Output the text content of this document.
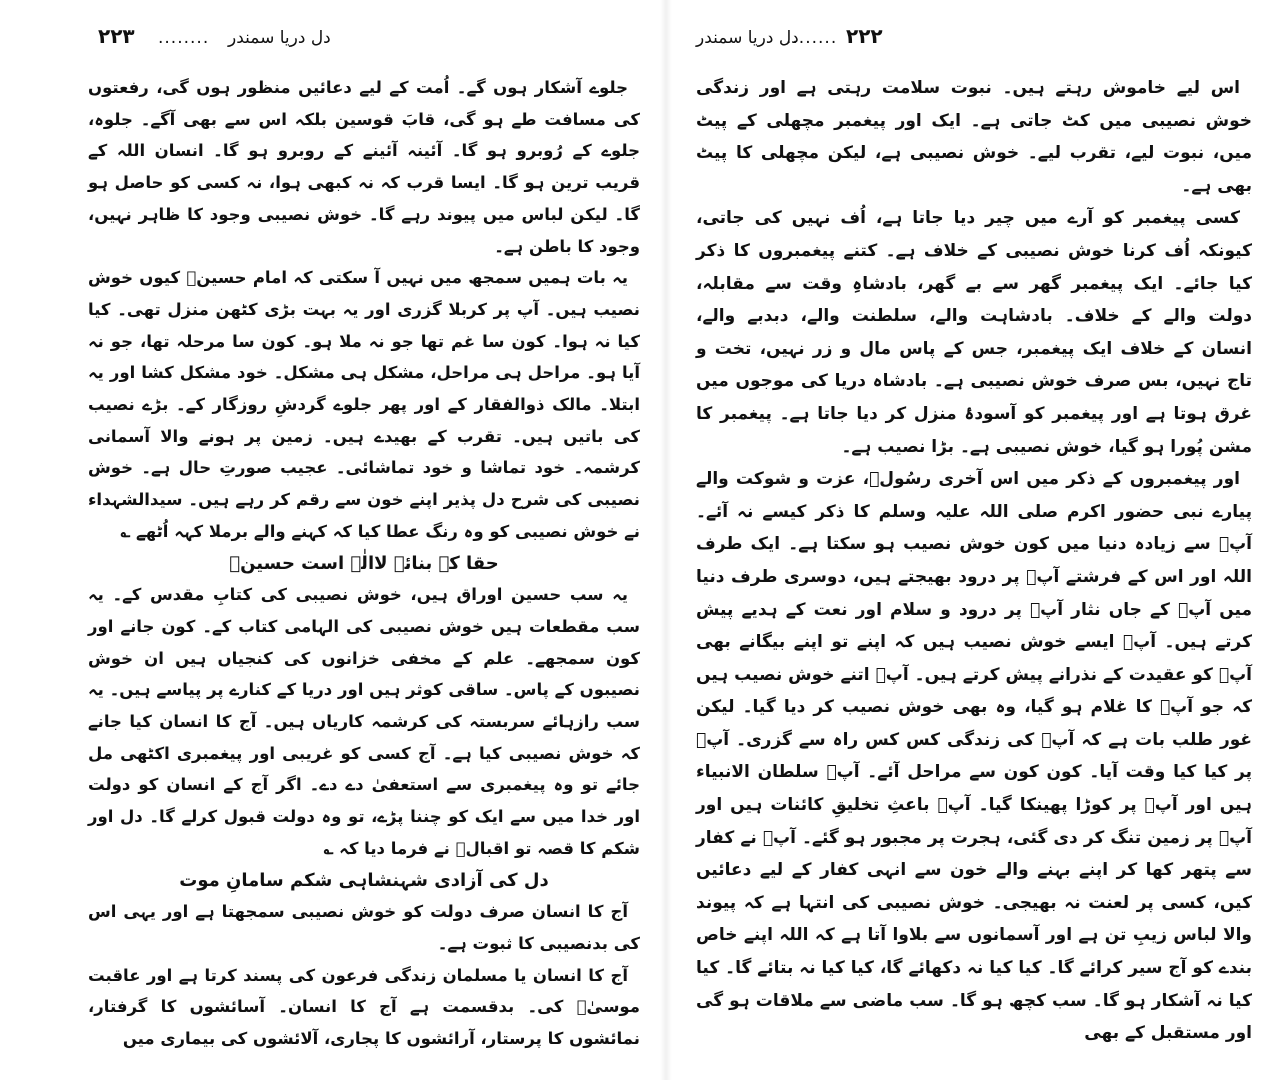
دل دریا سمندر
........
۲۲۳

جلوے آشکار ہوں گے۔ اُمت کے لیے دعائیں منظور ہوں گی، رفعتوں کی مسافت طے ہو گی، قابَ قوسین بلکہ اس سے بھی آگے۔ جلوہ، جلوے کے رُوبرو ہو گا۔ آئینہ آئینے کے روبرو ہو گا۔ انسان اللہ کے قریب ترین ہو گا۔ ایسا قرب کہ نہ کبھی ہوا، نہ کسی کو حاصل ہو گا۔ لیکن لباس میں پیوند رہے گا۔ خوش نصیبی وجود کا ظاہر نہیں، وجود کا باطن ہے۔

یہ بات ہمیں سمجھ میں نہیں آ سکتی کہ امام حسینؑ کیوں خوش نصیب ہیں۔ آپ پر کربلا گزری اور یہ بہت بڑی کٹھن منزل تھی۔ کیا کیا نہ ہوا۔ کون سا غم تھا جو نہ ملا ہو۔ کون سا مرحلہ تھا، جو نہ آیا ہو۔ مراحل ہی مراحل، مشکل ہی مشکل۔ خود مشکل کشا اور یہ ابتلا۔ مالک ذوالفقار کے اور پھر جلوے گردشِ روزگار کے۔ بڑے نصیب کی باتیں ہیں۔ تقرب کے بھیدے ہیں۔ زمین پر ہونے والا آسمانی کرشمہ۔ خود تماشا و خود تماشائی۔ عجیب صورتِ حال ہے۔ خوش نصیبی کی شرح دل پذیر اپنے خون سے رقم کر رہے ہیں۔ سیدالشہداء نے خوش نصیبی کو وہ رنگ عطا کیا کہ کہنے والے برملا کہہ اُٹھے ؎

حقا کہ بنائے لاالٰہ است حسینؑ

یہ سب حسین اوراق ہیں، خوش نصیبی کی کتابِ مقدس کے۔ یہ سب مقطعات ہیں خوش نصیبی کی الہامی کتاب کے۔ کون جانے اور کون سمجھے۔ علم کے مخفی خزانوں کی کنجیاں ہیں ان خوش نصیبوں کے پاس۔ ساقی کوثر ہیں اور دریا کے کنارے پر پیاسے ہیں۔ یہ سب رازہائے سربستہ کی کرشمہ کاریاں ہیں۔ آج کا انسان کیا جانے کہ خوش نصیبی کیا ہے۔ آج کسی کو غریبی اور پیغمبری اکٹھی مل جائے تو وہ پیغمبری سے استعفیٰ دے دے۔ اگر آج کے انسان کو دولت اور خدا میں سے ایک کو چننا پڑے، تو وہ دولت قبول کرلے گا۔ دل اور شکم کا قصہ تو اقبالؒ نے فرما دیا کہ ؎

دل کی آزادی شہنشاہی شکم سامانِ موت

آج کا انسان صرف دولت کو خوش نصیبی سمجھتا ہے اور یہی اس کی بدنصیبی کا ثبوت ہے۔

آج کا انسان یا مسلمان زندگی فرعون کی پسند کرتا ہے اور عاقبت موسیٰؑ کی۔ بدقسمت ہے آج کا انسان۔ آسائشوں کا گرفتار، نمائشوں کا پرستار، آرائشوں کا پجاری، آلائشوں کی بیماری میں

دل دریا سمندر
........ ۲۲۲

اس لیے خاموش رہتے ہیں۔ نبوت سلامت رہتی ہے اور زندگی خوش نصیبی میں کٹ جاتی ہے۔ ایک اور پیغمبر مچھلی کے پیٹ میں، نبوت لیے، تقرب لیے۔ خوش نصیبی ہے، لیکن مچھلی کا پیٹ بھی ہے۔

کسی پیغمبر کو آرے میں چیر دیا جاتا ہے، اُف نہیں کی جاتی، کیونکہ اُف کرنا خوش نصیبی کے خلاف ہے۔ کتنے پیغمبروں کا ذکر کیا جائے۔ ایک پیغمبر گھر سے بے گھر، بادشاہِ وقت سے مقابلہ، دولت والے کے خلاف۔ بادشاہت والے، سلطنت والے، دبدبے والے، انسان کے خلاف ایک پیغمبر، جس کے پاس مال و زر نہیں، تخت و تاج نہیں، بس صرف خوش نصیبی ہے۔ بادشاہ دریا کی موجوں میں غرق ہوتا ہے اور پیغمبر کو آسودۂ منزل کر دیا جاتا ہے۔ پیغمبر کا مشن پُورا ہو گیا، خوش نصیبی ہے۔ بڑا نصیب ہے۔

اور پیغمبروں کے ذکر میں اس آخری رسُولؐ، عزت و شوکت والے پیارے نبی حضور اکرم صلی اللہ علیہ وسلم کا ذکر کیسے نہ آئے۔ آپؐ سے زیادہ دنیا میں کون خوش نصیب ہو سکتا ہے۔ ایک طرف اللہ اور اس کے فرشتے آپؐ پر درود بھیجتے ہیں، دوسری طرف دنیا میں آپؐ کے جاں نثار آپؐ پر درود و سلام اور نعت کے ہدیے پیش کرتے ہیں۔ آپؐ ایسے خوش نصیب ہیں کہ اپنے تو اپنے بیگانے بھی آپؐ کو عقیدت کے نذرانے پیش کرتے ہیں۔ آپؐ اتنے خوش نصیب ہیں کہ جو آپؐ کا غلام ہو گیا، وہ بھی خوش نصیب کر دیا گیا۔ لیکن غور طلب بات ہے کہ آپؐ کی زندگی کس کس راہ سے گزری۔ آپؐ پر کیا کیا وقت آیا۔ کون کون سے مراحل آئے۔ آپؐ سلطان الانبیاء ہیں اور آپؐ پر کوڑا پھینکا گیا۔ آپؐ باعثِ تخلیقِ کائنات ہیں اور آپؐ پر زمین تنگ کر دی گئی، ہجرت پر مجبور ہو گئے۔ آپؐ نے کفار سے پتھر کھا کر اپنے بہنے والے خون سے انہی کفار کے لیے دعائیں کیں، کسی پر لعنت نہ بھیجی۔ خوش نصیبی کی انتہا ہے کہ پیوند والا لباس زیبِ تن ہے اور آسمانوں سے بلاوا آتا ہے کہ اللہ اپنے خاص بندے کو آج سیر کرائے گا۔ کیا کیا نہ دکھائے گا، کیا کیا نہ بتائے گا۔ کیا کیا نہ آشکار ہو گا۔ سب کچھ ہو گا۔ سب ماضی سے ملاقات ہو گی اور مستقبل کے بھی
